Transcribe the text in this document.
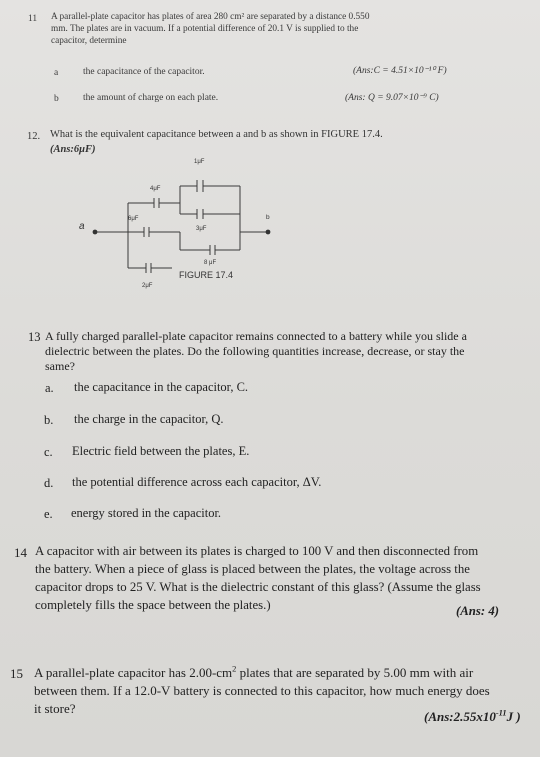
11 A parallel-plate capacitor has plates of area 280 cm² are separated by a distance 0.550
mm. The plates are in vacuum. If a potential difference of 20.1 V is supplied to the
capacitor, determine
a	the capacitance of the capacitor.	(Ans:C = 4.51×10⁻¹⁰ F)
b	the amount of charge on each plate.	(Ans: Q = 9.07×10⁻⁹ C)
12. What is the equivalent capacitance between a and b as shown in FIGURE 17.4.
(Ans:6μF)
a
b
1μF
4μF
6μF
3μF
8 μF
2μF
FIGURE 17.4
13 A fully charged parallel-plate capacitor remains connected to a battery while you slide a
dielectric between the plates. Do the following quantities increase, decrease, or stay the
same?
a. the capacitance in the capacitor, C.
b. the charge in the capacitor, Q.
c. Electric field between the plates, E.
d. the potential difference across each capacitor, ΔV.
e. energy stored in the capacitor.
14 A capacitor with air between its plates is charged to 100 V and then disconnected from
the battery. When a piece of glass is placed between the plates, the voltage across the
capacitor drops to 25 V. What is the dielectric constant of this glass? (Assume the glass
completely fills the space between the plates.)	(Ans: 4)
15 A parallel-plate capacitor has $2.00-cm^2$ plates that are separated by 5.00 mm with air
between them. If a 12.0-V battery is connected to this capacitor, how much energy does
it store?
($Ans:2.55x10^{-11}J$ )
